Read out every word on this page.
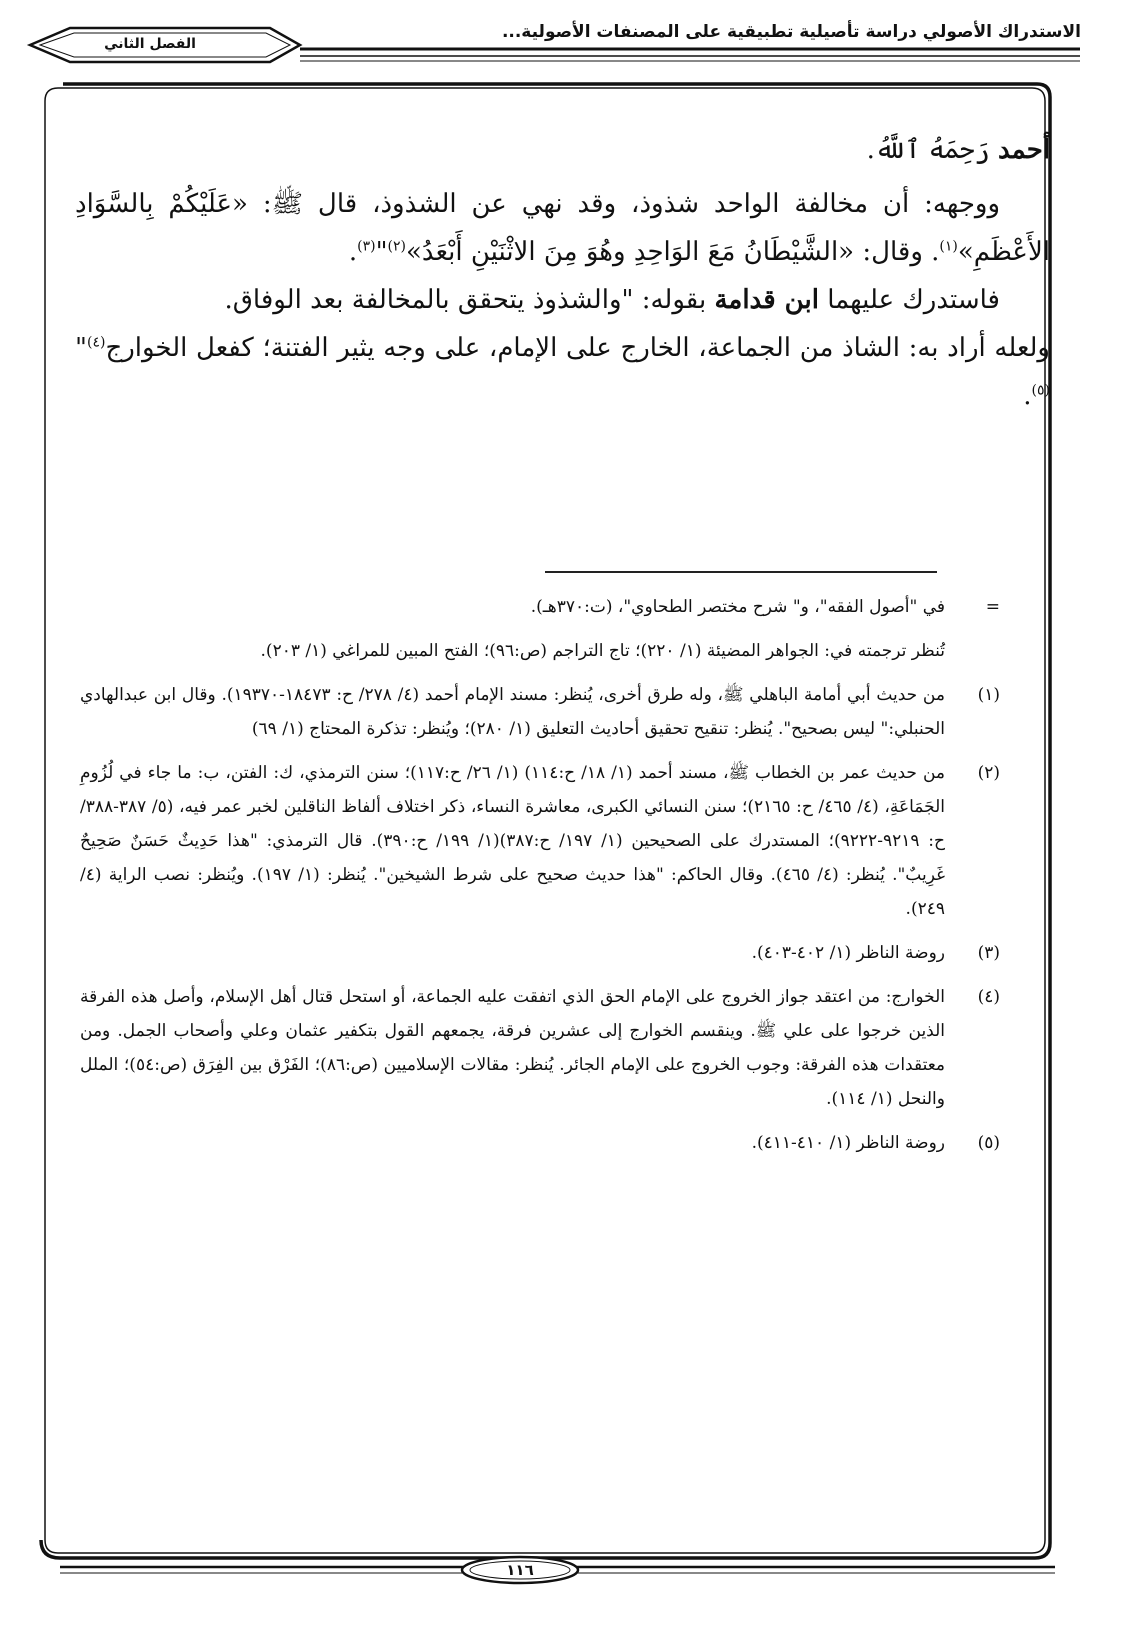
الاستدراك الأصولي دراسة تأصيلية تطبيقية على المصنفات الأصولية...
الفصل الثاني

أحمد رَحِمَهُ ٱللَّهُ.

ووجهه: أن مخالفة الواحد شذوذ، وقد نهي عن الشذوذ، قال ﷺ: «عَلَيْكُمْ بِالسَّوَادِ الأَعْظَمِ»$^{(١)}$. وقال: «الشَّيْطَانُ مَعَ الوَاحِدِ وهُوَ مِنَ الاثْنَيْنِ أَبْعَدُ»$^{(٢)}$"$^{(٣)}$.

فاستدرك عليهما ابن قدامة بقوله: "والشذوذ يتحقق بالمخالفة بعد الوفاق.

ولعله أراد به: الشاذ من الجماعة، الخارج على الإمام، على وجه يثير الفتنة؛ كفعل الخوارج$^{(٤)}$"$^{(٥)}$.

=
في "أصول الفقه"، و" شرح مختصر الطحاوي"، (ت:٣٧٠هـ).
تُنظر ترجمته في: الجواهر المضيئة (١/ ٢٢٠)؛ تاج التراجم (ص:٩٦)؛ الفتح المبين للمراغي (١/ ٢٠٣).
(١)
من حديث أبي أمامة الباهلي ﷺ، وله طرق أخرى، يُنظر: مسند الإمام أحمد (٤/ ٢٧٨/ ح: ١٨٤٧٣-١٩٣٧٠). وقال ابن عبدالهادي الحنبلي:" ليس بصحيح". يُنظر: تنقيح تحقيق أحاديث التعليق (١/ ٢٨٠)؛ ويُنظر: تذكرة المحتاج (١/ ٦٩)
(٢)
من حديث عمر بن الخطاب ﷺ، مسند أحمد (١/ ١٨/ ح:١١٤) (١/ ٢٦/ ح:١١٧)؛ سنن الترمذي، ك: الفتن، ب: ما جاء في لُزُومِ الجَمَاعَةِ، (٤/ ٤٦٥/ ح: ٢١٦٥)؛ سنن النسائي الكبرى، معاشرة النساء، ذكر اختلاف ألفاظ الناقلين لخبر عمر فيه، (٥/ ٣٨٧-٣٨٨/ ح: ٩٢١٩-٩٢٢٢)؛ المستدرك على الصحيحين (١/ ١٩٧/ ح:٣٨٧)(١/ ١٩٩/ ح:٣٩٠). قال الترمذي: "هذا حَدِيثٌ حَسَنٌ صَحِيحٌ غَرِيبٌ". يُنظر: (٤/ ٤٦٥). وقال الحاكم: "هذا حديث صحيح على شرط الشيخين". يُنظر: (١/ ١٩٧). ويُنظر: نصب الراية (٤/ ٢٤٩).
(٣)
روضة الناظر (١/ ٤٠٢-٤٠٣).
(٤)
الخوارج: من اعتقد جواز الخروج على الإمام الحق الذي اتفقت عليه الجماعة، أو استحل قتال أهل الإسلام، وأصل هذه الفرقة الذين خرجوا على علي ﷺ. وينقسم الخوارج إلى عشرين فرقة، يجمعهم القول بتكفير عثمان وعلي وأصحاب الجمل. ومن معتقدات هذه الفرقة: وجوب الخروج على الإمام الجائر. يُنظر: مقالات الإسلاميين (ص:٨٦)؛ الفَرْق بين الفِرَق (ص:٥٤)؛ الملل والنحل (١/ ١١٤).
(٥)
روضة الناظر (١/ ٤١٠-٤١١).
١١٦
